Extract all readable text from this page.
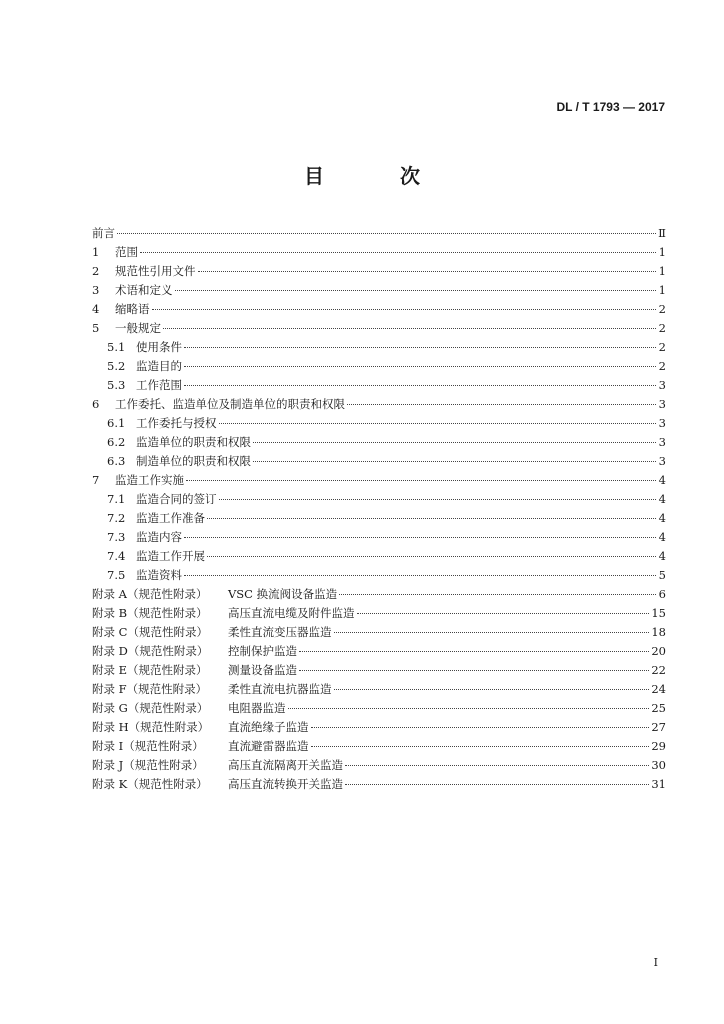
DL / T 1793 — 2017
目　次
前言	Ⅱ
1	范围	1
2	规范性引用文件	1
3	术语和定义	1
4	缩略语	2
5	一般规定	2
5.1 使用条件	2
5.2 监造目的	2
5.3 工作范围	3
6	工作委托、监造单位及制造单位的职责和权限	3
6.1 工作委托与授权	3
6.2 监造单位的职责和权限	3
6.3 制造单位的职责和权限	3
7	监造工作实施	4
7.1 监造合同的签订	4
7.2 监造工作准备	4
7.3 监造内容	4
7.4 监造工作开展	4
7.5 监造资料	5
附录 A（规范性附录）	VSC 换流阀设备监造	6
附录 B（规范性附录）	高压直流电缆及附件监造	15
附录 C（规范性附录）	柔性直流变压器监造	18
附录 D（规范性附录）	控制保护监造	20
附录 E（规范性附录）	测量设备监造	22
附录 F（规范性附录）	柔性直流电抗器监造	24
附录 G（规范性附录）	电阻器监造	25
附录 H（规范性附录）	直流绝缘子监造	27
附录 I（规范性附录）	直流避雷器监造	29
附录 J（规范性附录）	高压直流隔离开关监造	30
附录 K（规范性附录）	高压直流转换开关监造	31
I
